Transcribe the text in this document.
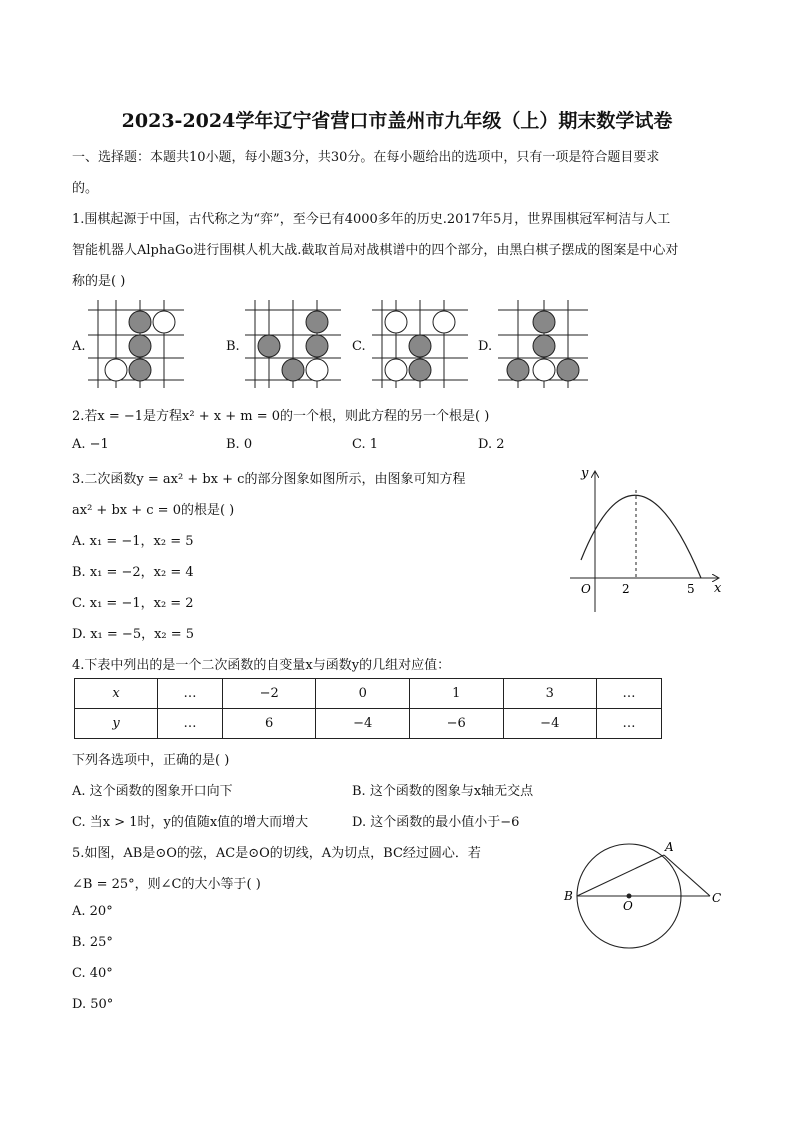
2023-2024学年辽宁省营口市盖州市九年级（上）期末数学试卷
一、选择题：本题共10小题，每小题3分，共30分。在每小题给出的选项中，只有一项是符合题目要求
的。
1.围棋起源于中国，古代称之为“弈”，至今已有4000多年的历史.2017年5月，世界围棋冠军柯洁与人工
智能机器人AlphaGo进行围棋人机大战.截取首局对战棋谱中的四个部分，由黑白棋子摆成的图案是中心对
称的是( )
A.	B.	C.	D.
2.若x = −1是方程x² + x + m = 0的一个根，则此方程的另一个根是( )
A. −1	B. 0	C. 1	D. 2
3.二次函数y = ax² + bx + c的部分图象如图所示，由图象可知方程
ax² + bx + c = 0的根是( )
A. x₁ = −1，x₂ = 5
B. x₁ = −2，x₂ = 4
C. x₁ = −1，x₂ = 2
D. x₁ = −5，x₂ = 5
y
x
O	2	5
4.下表中列出的是一个二次函数的自变量x与函数y的几组对应值：
x	…	−2	0	1	3	…
y	…	6	−4	−6	−4	…
下列各选项中，正确的是( )
A. 这个函数的图象开口向下	B. 这个函数的图象与x轴无交点
C. 当x > 1时，y的值随x值的增大而增大	D. 这个函数的最小值小于−6
5.如图，AB是⊙O的弦，AC是⊙O的切线，A为切点，BC经过圆心．若
∠B = 25°，则∠C的大小等于( )
A. 20°
B. 25°
C. 40°
D. 50°
A
B	C
O
